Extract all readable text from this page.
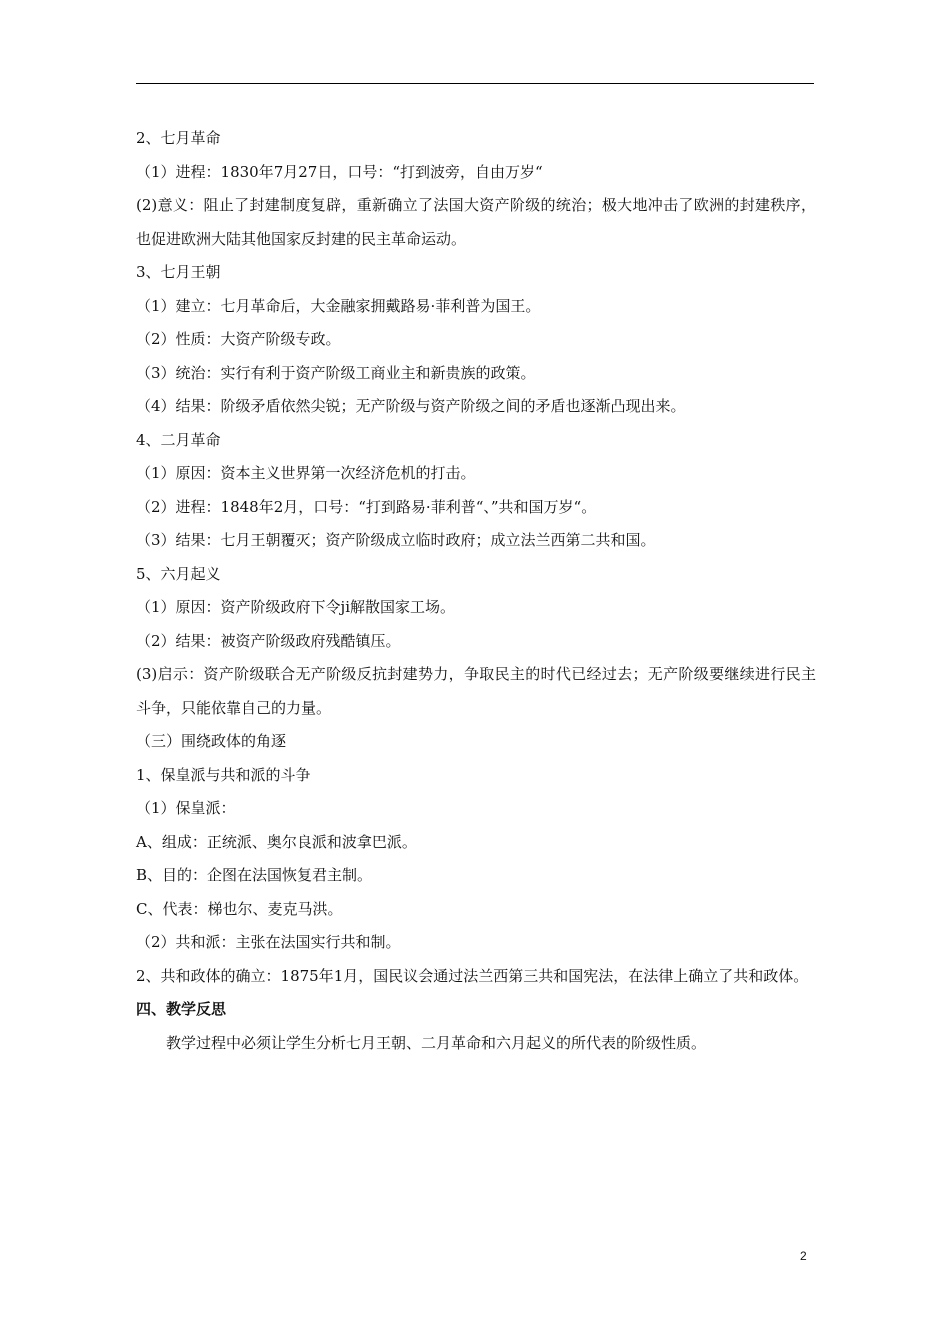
2、七月革命
（1）进程：1830年7月27日，口号：“打到波旁，自由万岁“
(2)意义：阻止了封建制度复辟，重新确立了法国大资产阶级的统治；极大地冲击了欧洲的封建秩序，也促进欧洲大陆其他国家反封建的民主革命运动。
3、七月王朝
（1）建立：七月革命后，大金融家拥戴路易·菲利普为国王。
（2）性质：大资产阶级专政。
（3）统治：实行有利于资产阶级工商业主和新贵族的政策。
（4）结果：阶级矛盾依然尖锐；无产阶级与资产阶级之间的矛盾也逐渐凸现出来。
4、二月革命
（1）原因：资本主义世界第一次经济危机的打击。
（2）进程：1848年2月，口号：“打到路易·菲利普“、”共和国万岁“。
（3）结果：七月王朝覆灭；资产阶级成立临时政府；成立法兰西第二共和国。
5、六月起义
（1）原因：资产阶级政府下令ji解散国家工场。
（2）结果：被资产阶级政府残酷镇压。
(3)启示：资产阶级联合无产阶级反抗封建势力，争取民主的时代已经过去；无产阶级要继续进行民主斗争，只能依靠自己的力量。
（三）围绕政体的角逐
1、保皇派与共和派的斗争
（1）保皇派：
A、组成：正统派、奥尔良派和波拿巴派。
B、目的：企图在法国恢复君主制。
C、代表：梯也尔、麦克马洪。
（2）共和派：主张在法国实行共和制。
2、共和政体的确立：1875年1月，国民议会通过法兰西第三共和国宪法，在法律上确立了共和政体。
四、教学反思
教学过程中必须让学生分析七月王朝、二月革命和六月起义的所代表的阶级性质。
2
